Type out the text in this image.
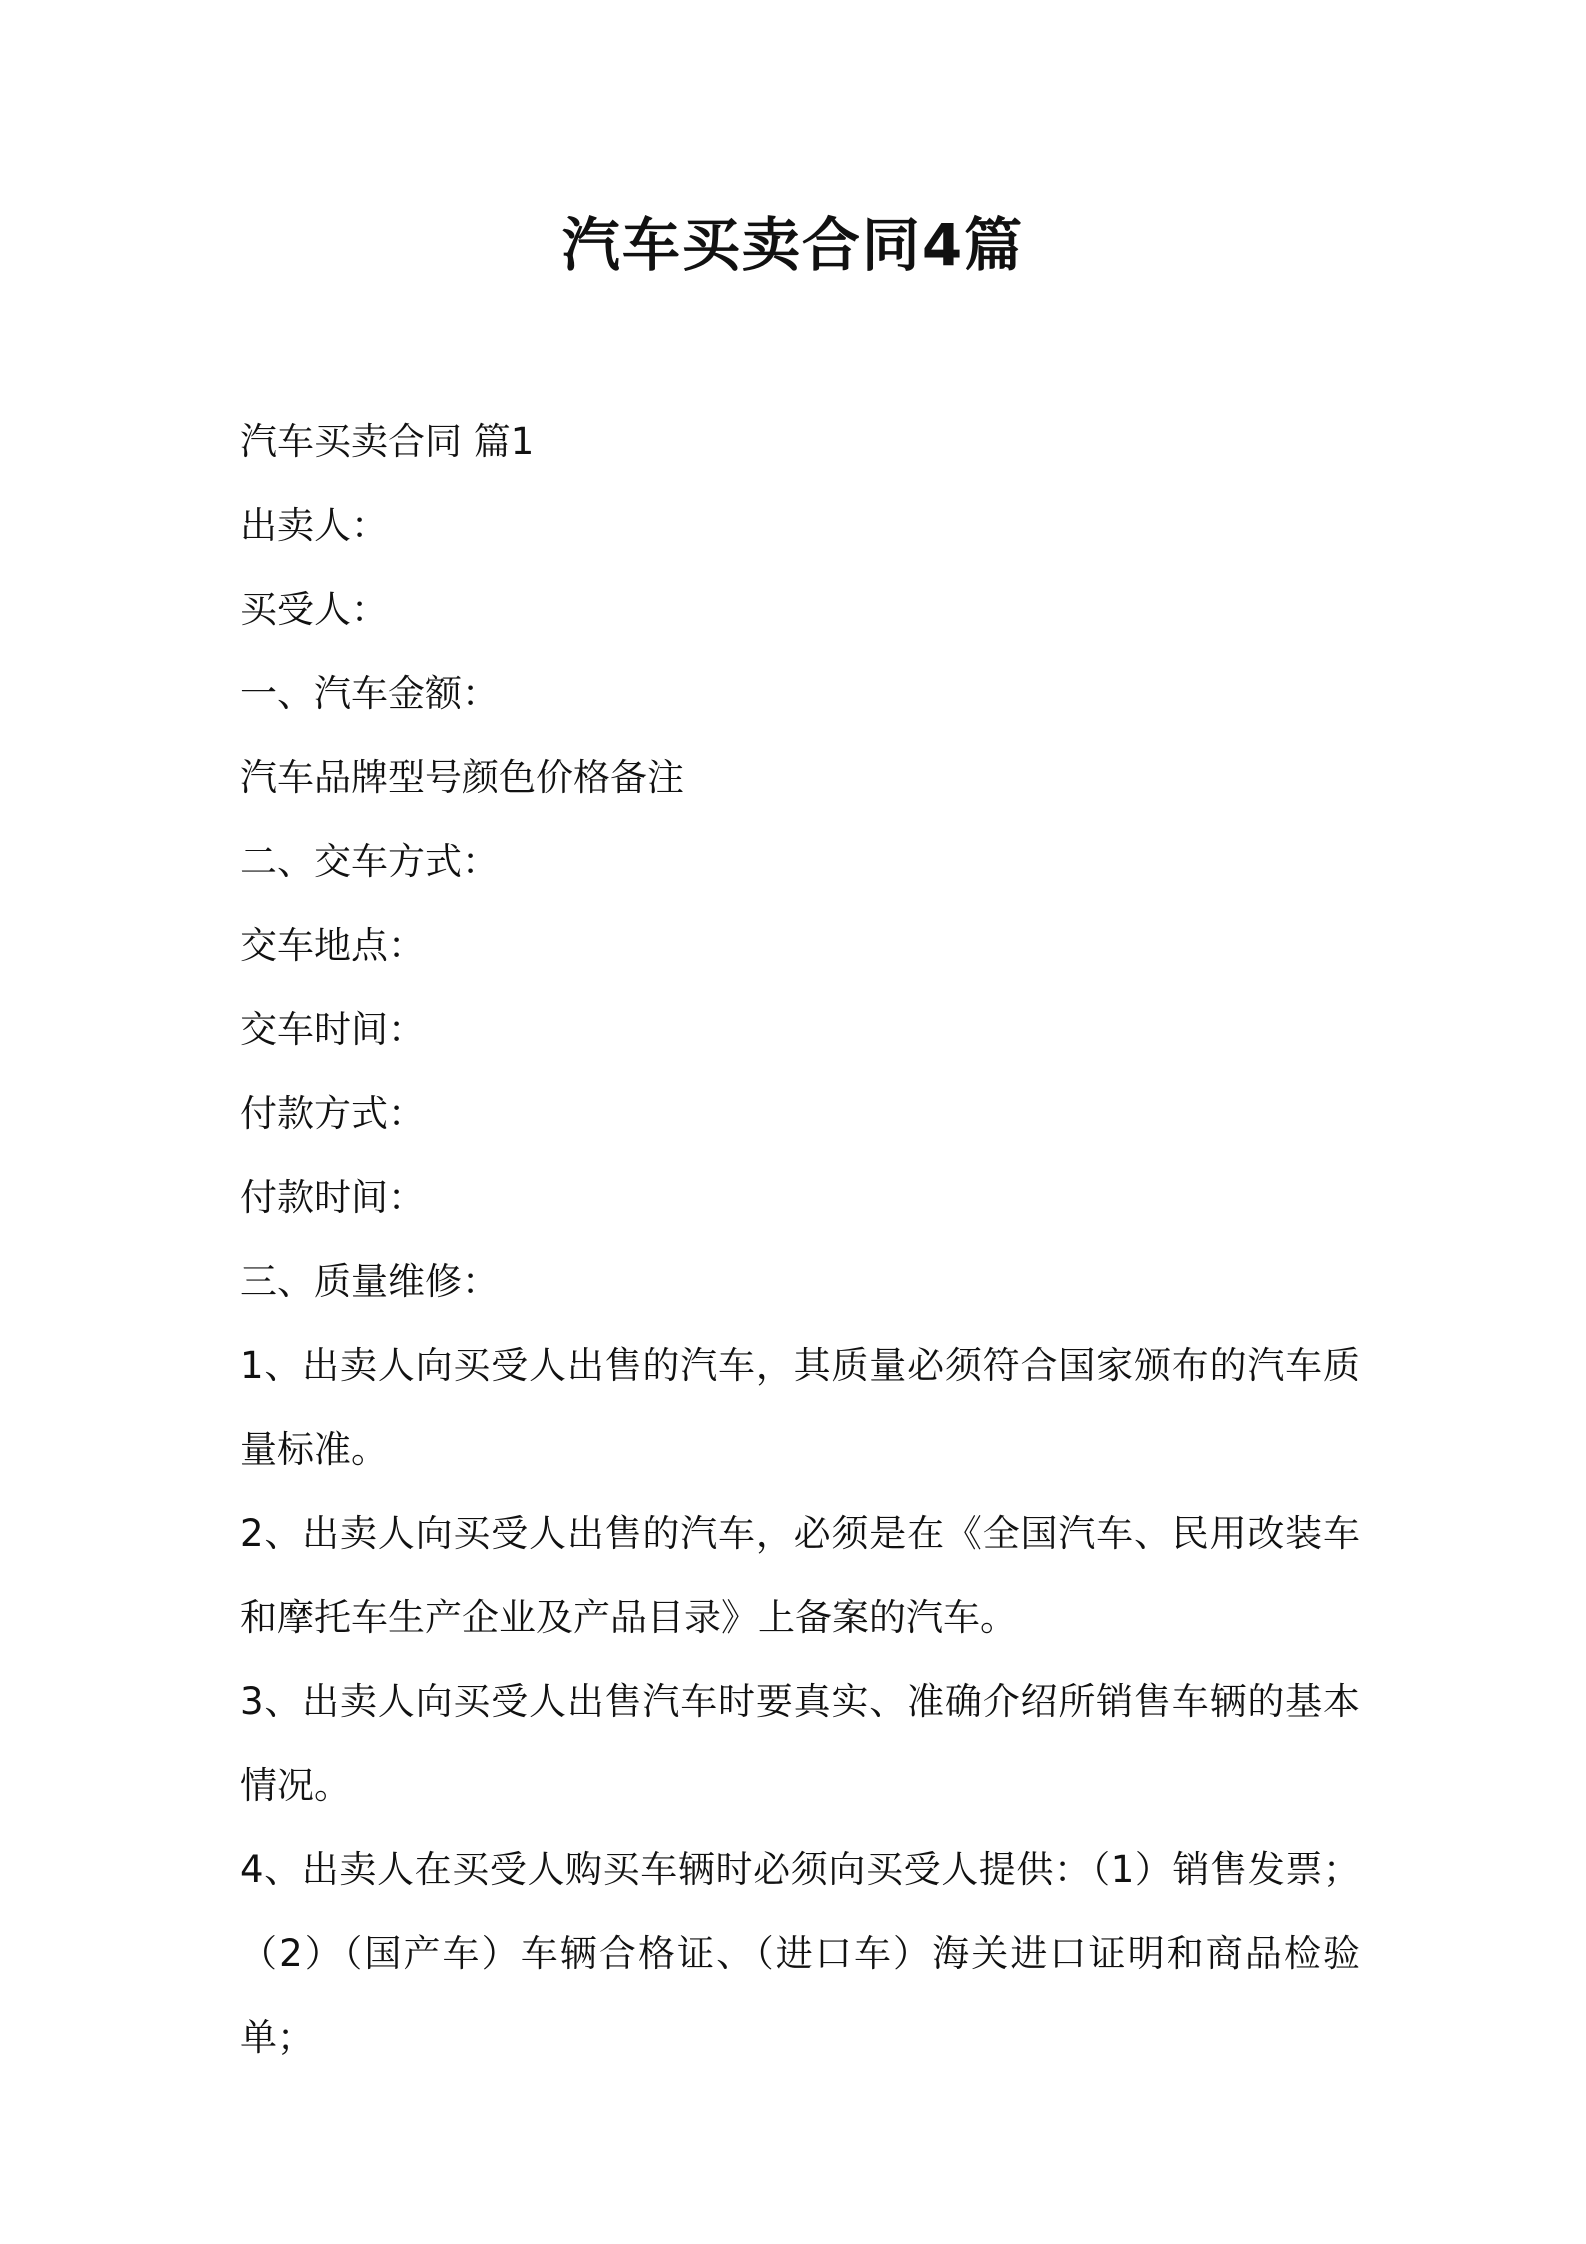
汽车买卖合同4篇
汽车买卖合同 篇1
出卖人：
买受人：
一、汽车金额：
汽车品牌型号颜色价格备注
二、交车方式：
交车地点：
交车时间：
付款方式：
付款时间：
三、质量维修：
1、出卖人向买受人出售的汽车，其质量必须符合国家颁布的汽车质量标准。
2、出卖人向买受人出售的汽车，必须是在《全国汽车、民用改装车和摩托车生产企业及产品目录》上备案的汽车。
3、出卖人向买受人出售汽车时要真实、准确介绍所销售车辆的基本情况。
4、出卖人在买受人购买车辆时必须向买受人提供：（1）销售发票；（2）（国产车）车辆合格证、（进口车）海关进口证明和商品检验单；
